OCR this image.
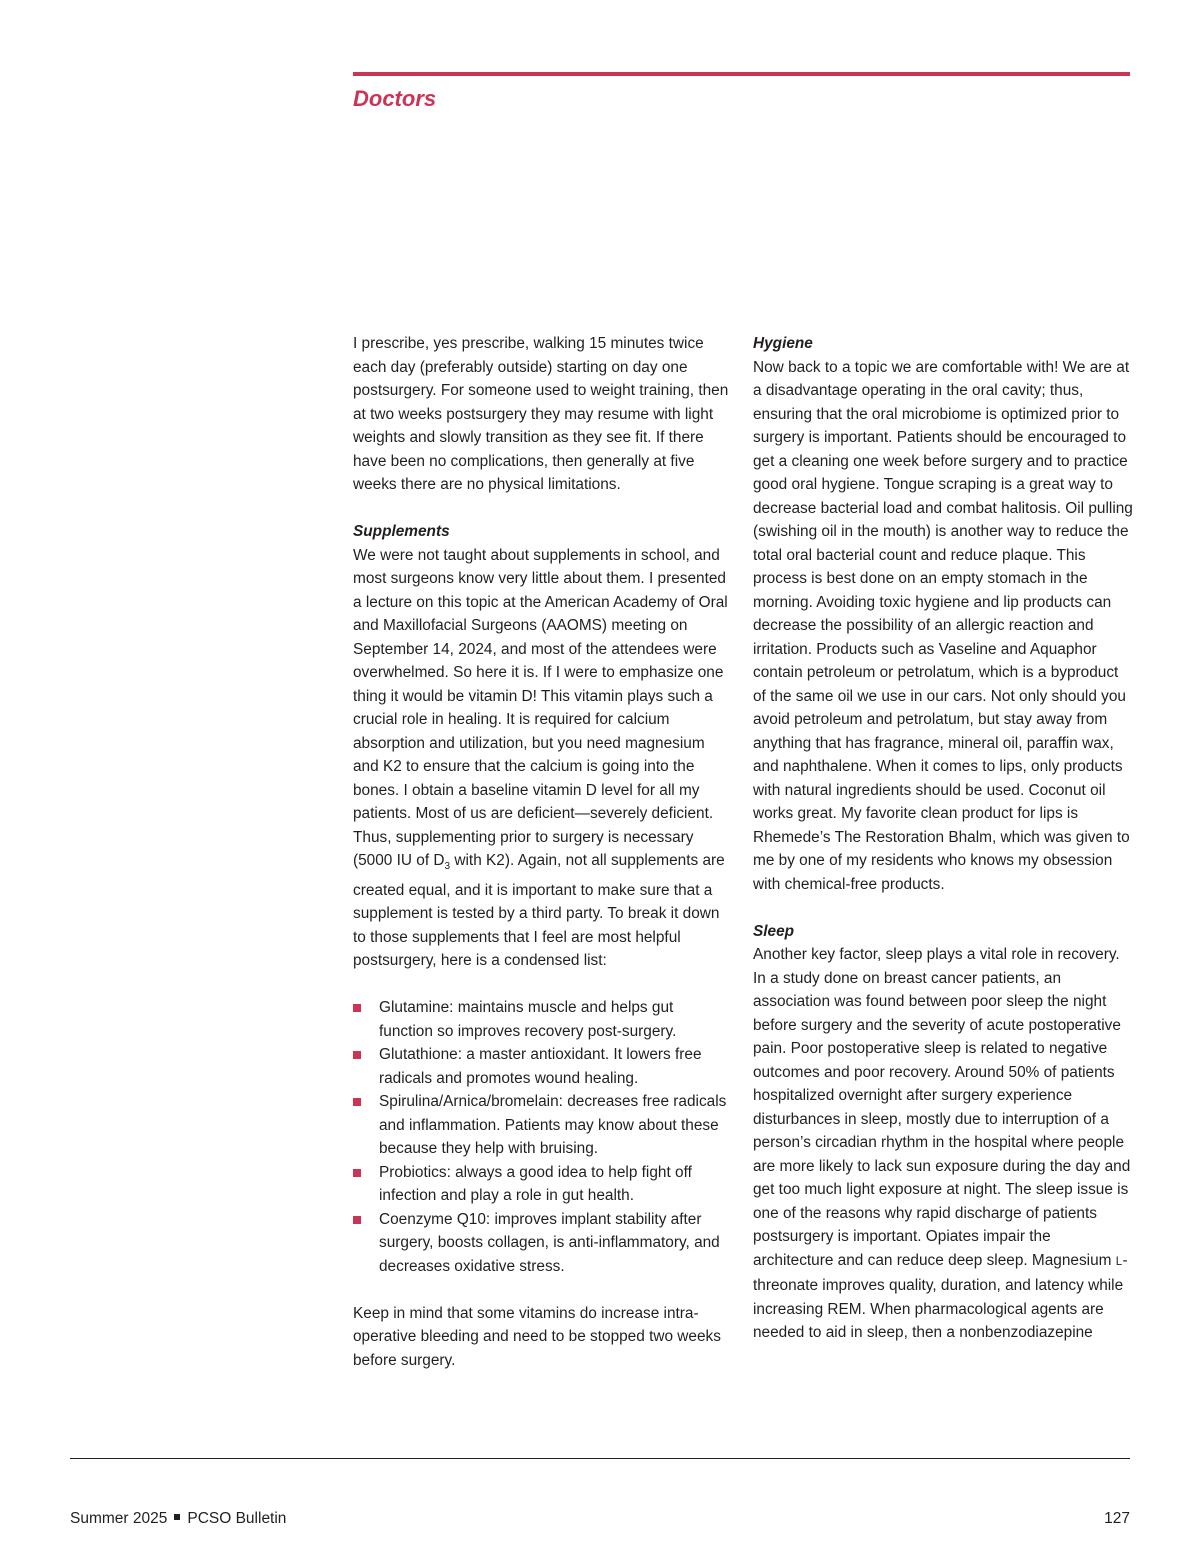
Doctors

I prescribe, yes prescribe, walking 15 minutes twice each day (preferably outside) starting on day one postsurgery. For someone used to weight training, then at two weeks postsurgery they may resume with light weights and slowly transition as they see fit. If there have been no complications, then generally at five weeks there are no physical limitations.

Supplements

We were not taught about supplements in school, and most surgeons know very little about them. I presented a lecture on this topic at the American Academy of Oral and Maxillofacial Surgeons (AAOMS) meeting on September 14, 2024, and most of the attendees were overwhelmed. So here it is. If I were to emphasize one thing it would be vitamin D! This vitamin plays such a crucial role in healing. It is required for calcium absorption and utilization, but you need magnesium and K2 to ensure that the calcium is going into the bones. I obtain a baseline vitamin D level for all my patients. Most of us are deficient—severely deficient. Thus, supplementing prior to surgery is necessary (5000 IU of $D_3$ with K2). Again, not all supplements are created equal, and it is important to make sure that a supplement is tested by a third party. To break it down to those supplements that I feel are most helpful postsurgery, here is a condensed list:

Glutamine: maintains muscle and helps gut function so improves recovery post-surgery.
Glutathione: a master antioxidant. It lowers free radicals and promotes wound healing.
Spirulina/Arnica/bromelain: decreases free radicals and inflammation. Patients may know about these because they help with bruising.
Probiotics: always a good idea to help fight off infection and play a role in gut health.
Coenzyme Q10: improves implant stability after surgery, boosts collagen, is anti-inflammatory, and decreases oxidative stress.

Keep in mind that some vitamins do increase intra-operative bleeding and need to be stopped two weeks before surgery.

Hygiene

Now back to a topic we are comfortable with! We are at a disadvantage operating in the oral cavity; thus, ensuring that the oral microbiome is optimized prior to surgery is important. Patients should be encouraged to get a cleaning one week before surgery and to practice good oral hygiene. Tongue scraping is a great way to decrease bacterial load and combat halitosis. Oil pulling (swishing oil in the mouth) is another way to reduce the total oral bacterial count and reduce plaque. This process is best done on an empty stomach in the morning. Avoiding toxic hygiene and lip products can decrease the possibility of an allergic reaction and irritation. Products such as Vaseline and Aquaphor contain petroleum or petrolatum, which is a byproduct of the same oil we use in our cars. Not only should you avoid petroleum and petrolatum, but stay away from anything that has fragrance, mineral oil, paraffin wax, and naphthalene. When it comes to lips, only products with natural ingredients should be used. Coconut oil works great. My favorite clean product for lips is Rhemede’s The Restoration Bhalm, which was given to me by one of my residents who knows my obsession with chemical-free products.

Sleep

Another key factor, sleep plays a vital role in recovery. In a study done on breast cancer patients, an association was found between poor sleep the night before surgery and the severity of acute postoperative pain. Poor postoperative sleep is related to negative outcomes and poor recovery. Around 50% of patients hospitalized overnight after surgery experience disturbances in sleep, mostly due to interruption of a person’s circadian rhythm in the hospital where people are more likely to lack sun exposure during the day and get too much light exposure at night. The sleep issue is one of the reasons why rapid discharge of patients postsurgery is important. Opiates impair the architecture and can reduce deep sleep. Magnesium L-threonate improves quality, duration, and latency while increasing REM. When pharmacological agents are needed to aid in sleep, then a nonbenzodiazepine

Summer 2025 PCSO Bulletin	127
